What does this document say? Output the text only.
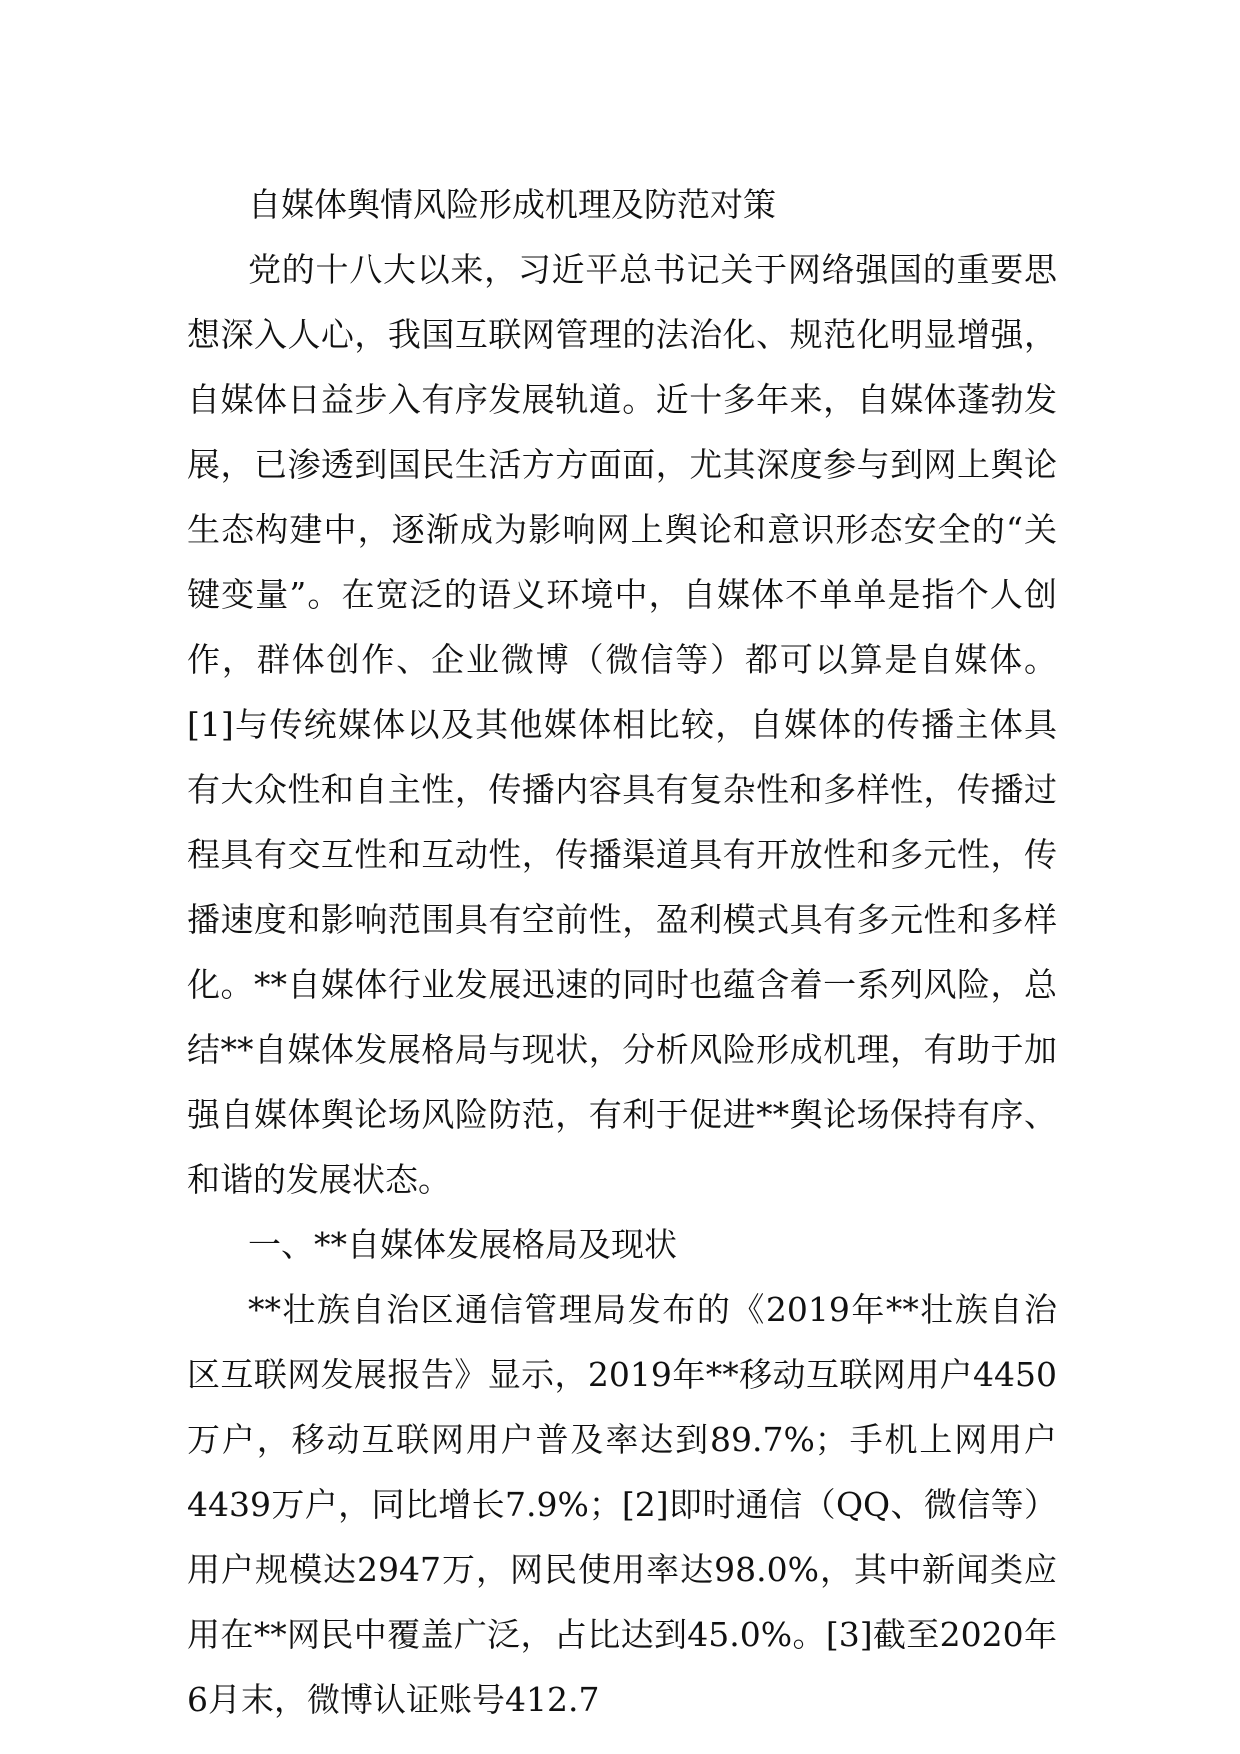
自媒体舆情风险形成机理及防范对策

党的十八大以来，习近平总书记关于网络强国的重要思想深入人心，我国互联网管理的法治化、规范化明显增强，自媒体日益步入有序发展轨道。近十多年来，自媒体蓬勃发展，已渗透到国民生活方方面面，尤其深度参与到网上舆论生态构建中，逐渐成为影响网上舆论和意识形态安全的“关键变量”。在宽泛的语义环境中，自媒体不单单是指个人创作，群体创作、企业微博（微信等）都可以算是自媒体。[1]与传统媒体以及其他媒体相比较，自媒体的传播主体具有大众性和自主性，传播内容具有复杂性和多样性，传播过程具有交互性和互动性，传播渠道具有开放性和多元性，传播速度和影响范围具有空前性，盈利模式具有多元性和多样化。**自媒体行业发展迅速的同时也蕴含着一系列风险，总结**自媒体发展格局与现状，分析风险形成机理，有助于加强自媒体舆论场风险防范，有利于促进**舆论场保持有序、和谐的发展状态。

一、**自媒体发展格局及现状

**壮族自治区通信管理局发布的《2019年**壮族自治区互联网发展报告》显示，2019年**移动互联网用户4450万户，移动互联网用户普及率达到89.7%；手机上网用户4439万户，同比增长7.9%；[2]即时通信（QQ、微信等）用户规模达2947万，网民使用率达98.0%，其中新闻类应用在**网民中覆盖广泛，占比达到45.0%。[3]截至2020年6月末，微博认证账号412.7
